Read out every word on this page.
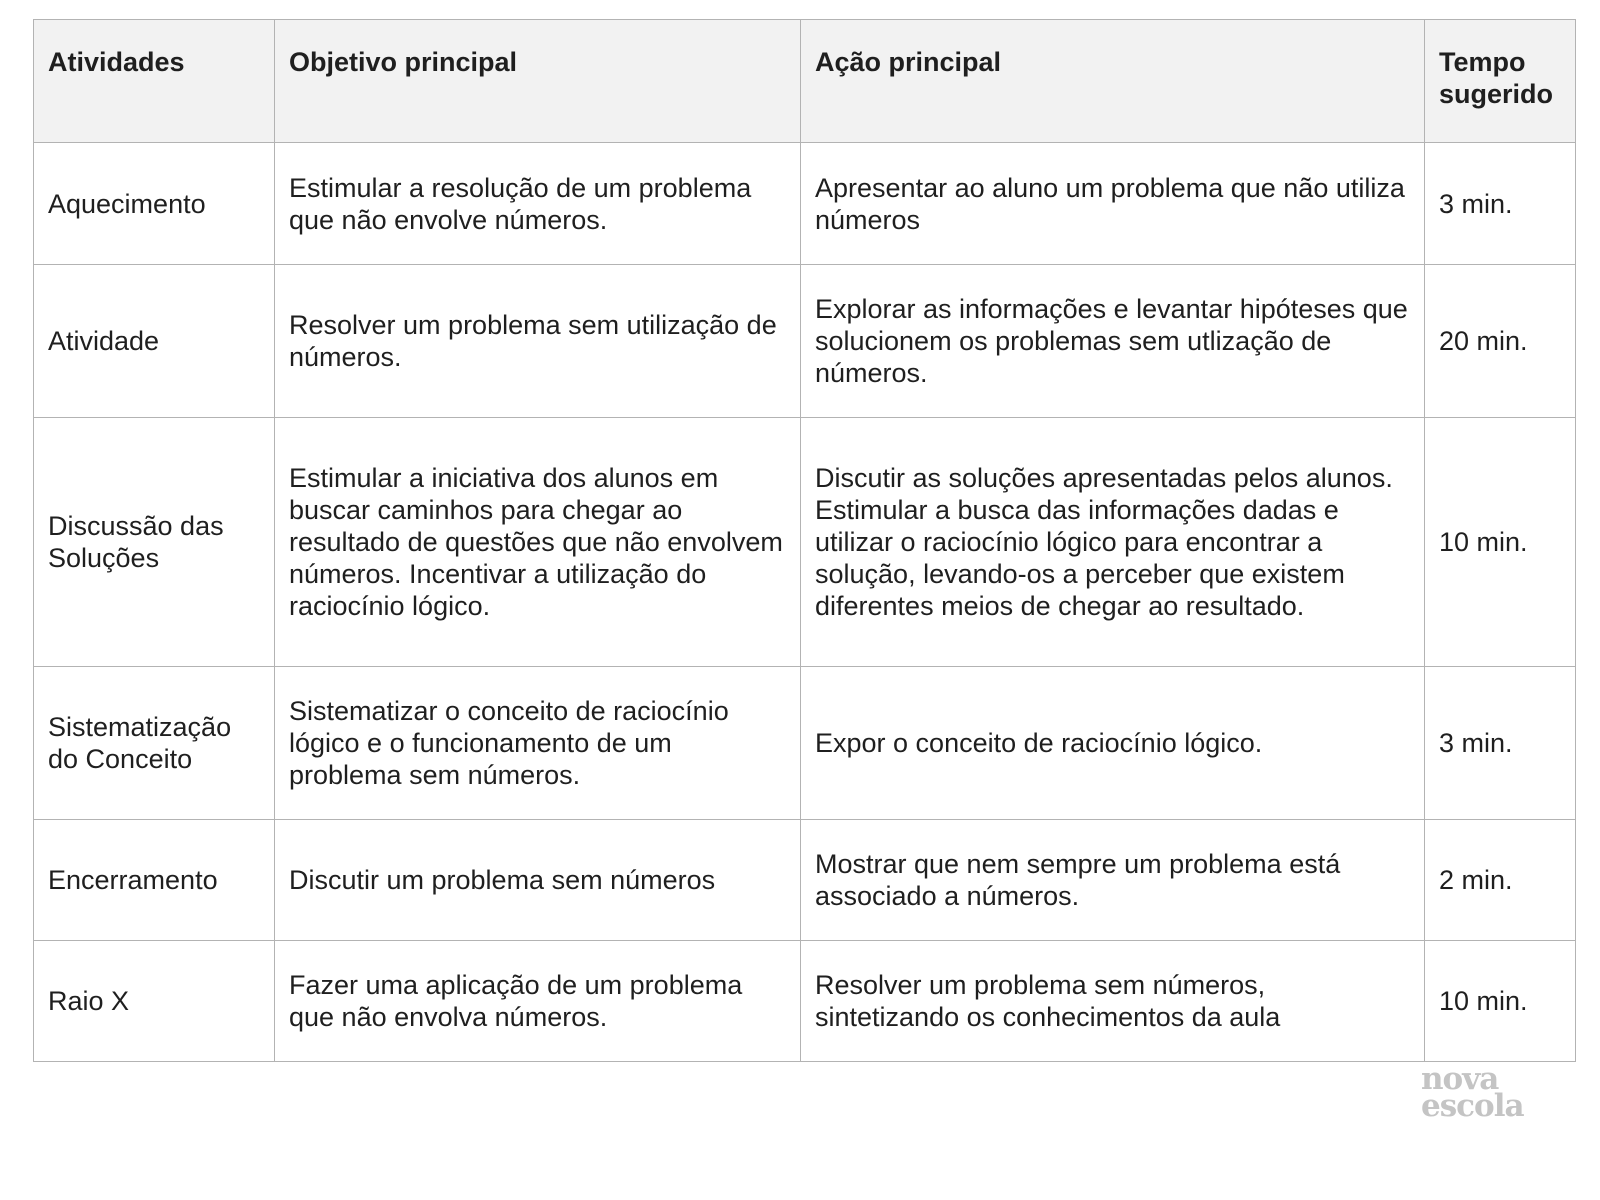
Atividades	Objetivo principal	Ação principal	Tempo sugerido
Aquecimento	Estimular a resolução de um problema que não envolve números.	Apresentar ao aluno um problema que não utiliza números	3 min.
Atividade	Resolver um problema sem utilização de números.	Explorar as informações e levantar hipóteses que solucionem os problemas sem utlização de números.	20 min.
Discussão das Soluções	Estimular a iniciativa dos alunos em buscar caminhos para chegar ao resultado de questões que não envolvem números. Incentivar a utilização do raciocínio lógico.	Discutir as soluções apresentadas pelos alunos. Estimular a busca das informações dadas e utilizar o raciocínio lógico para encontrar a solução, levando-os a perceber que existem diferentes meios de chegar ao resultado.	10 min.
Sistematização do Conceito	Sistematizar o conceito de raciocínio lógico e o funcionamento de um problema sem números.	Expor o conceito de raciocínio lógico.	3 min.
Encerramento	Discutir um problema sem números	Mostrar que nem sempre um problema está associado a números.	2 min.
Raio X	Fazer uma aplicação de um problema que não envolva números.	Resolver um problema sem números, sintetizando os conhecimentos da aula	10 min.
nova
escola
